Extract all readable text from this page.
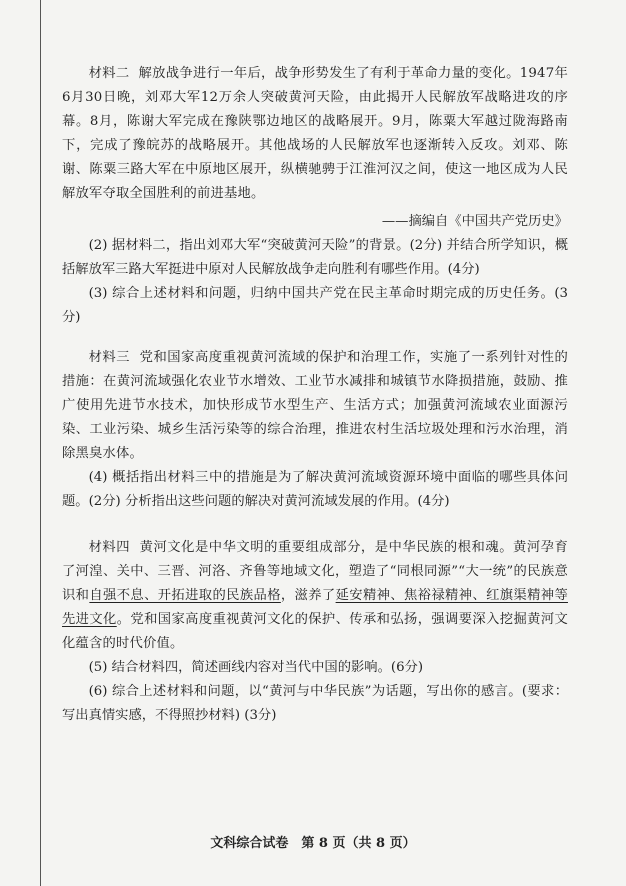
材料二 解放战争进行一年后，战争形势发生了有利于革命力量的变化。1947年6月30日晚，刘邓大军12万余人突破黄河天险，由此揭开人民解放军战略进攻的序幕。8月，陈谢大军完成在豫陕鄂边地区的战略展开。9月，陈粟大军越过陇海路南下，完成了豫皖苏的战略展开。其他战场的人民解放军也逐渐转入反攻。刘邓、陈谢、陈粟三路大军在中原地区展开，纵横驰骋于江淮河汉之间，使这一地区成为人民解放军夺取全国胜利的前进基地。

——摘编自《中国共产党历史》

(2) 据材料二，指出刘邓大军“突破黄河天险”的背景。(2分) 并结合所学知识，概括解放军三路大军挺进中原对人民解放战争走向胜利有哪些作用。(4分)

(3) 综合上述材料和问题，归纳中国共产党在民主革命时期完成的历史任务。(3分)

材料三 党和国家高度重视黄河流域的保护和治理工作，实施了一系列针对性的措施：在黄河流域强化农业节水增效、工业节水减排和城镇节水降损措施，鼓励、推广使用先进节水技术，加快形成节水型生产、生活方式；加强黄河流域农业面源污染、工业污染、城乡生活污染等的综合治理，推进农村生活垃圾处理和污水治理，消除黑臭水体。

(4) 概括指出材料三中的措施是为了解决黄河流域资源环境中面临的哪些具体问题。(2分) 分析指出这些问题的解决对黄河流域发展的作用。(4分)

材料四 黄河文化是中华文明的重要组成部分，是中华民族的根和魂。黄河孕育了河湟、关中、三晋、河洛、齐鲁等地域文化，塑造了“同根同源”“大一统”的民族意识和自强不息、开拓进取的民族品格，滋养了延安精神、焦裕禄精神、红旗渠精神等先进文化。党和国家高度重视黄河文化的保护、传承和弘扬，强调要深入挖掘黄河文化蕴含的时代价值。

(5) 结合材料四，简述画线内容对当代中国的影响。(6分)

(6) 综合上述材料和问题，以“黄河与中华民族”为话题，写出你的感言。(要求：写出真情实感，不得照抄材料) (3分)

文科综合试卷　第 8 页（共 8 页）
